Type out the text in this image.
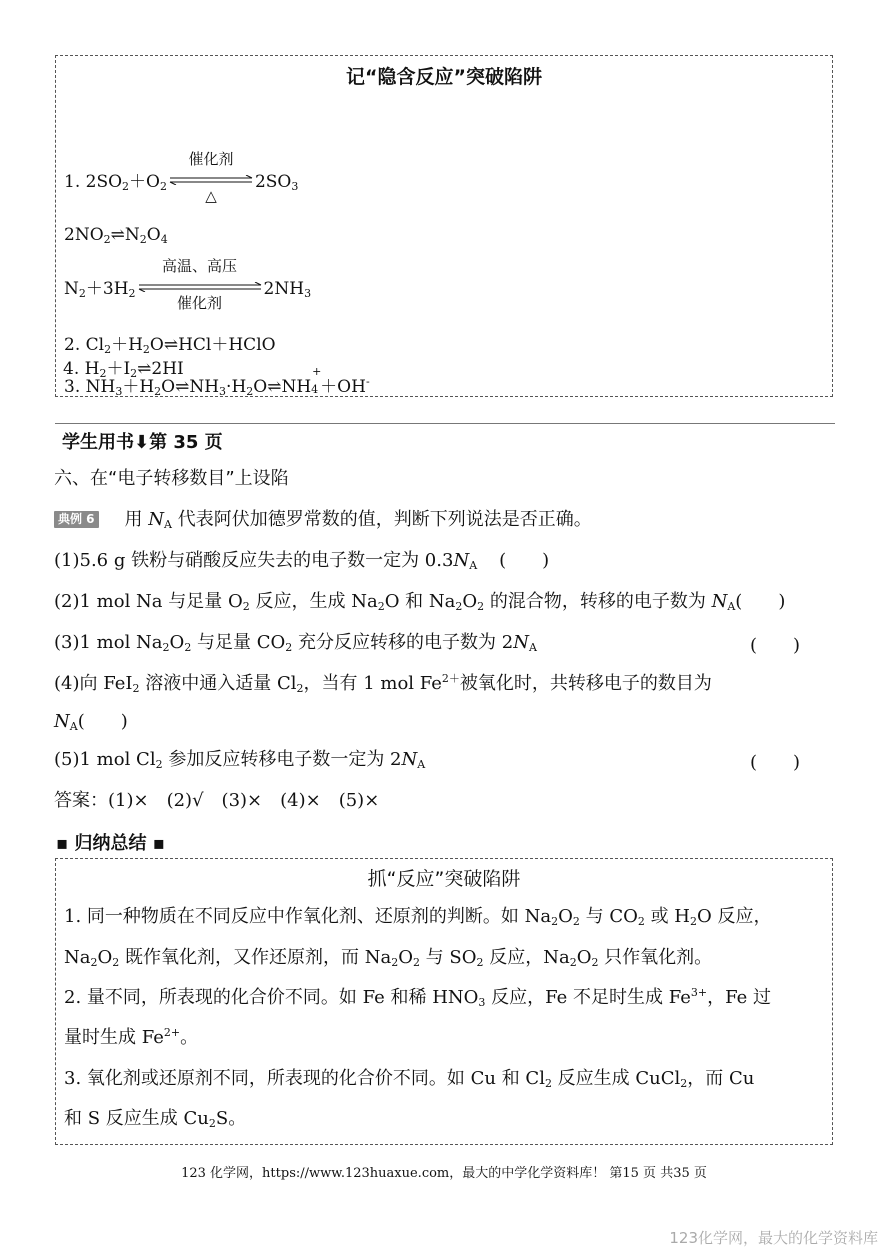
记“隐含反应”突破陷阱
1. $2SO_2+O_2$
催化剂
△
$2SO_3$
$2NO_2\rightleftharpoons N_2O_4$
$N_2+3H_2$
高温、高压
催化剂
$2NH_3$
2. $Cl_2+H_2O\rightleftharpoons HCl+HClO$
3. $NH_3+H_2O\rightleftharpoons NH_3\cdot H_2O\rightleftharpoons NH$
+
4 ＋OH-
4. $H_2+I_2\rightleftharpoons 2HI$
学生用书⬇第 35 页
六、在“电子转移数目”上设陷
典例 6 用 $N_A$ 代表阿伏加德罗常数的值，判断下列说法是否正确。
(1)5.6 g 铁粉与硝酸反应失去的电子数一定为 $0.3N_A$ (　　)
(2)1 mol Na 与足量 $O_2$ 反应，生成 $Na_2O$ 和 $Na_2O_2$ 的混合物，转移的电子数为 $N_A$(　　)
(3)1 mol $Na_2O_2$ 与足量 $CO_2$ 充分反应转移的电子数为 $2N_A$	(　　)
(4)向 FeI$_2$ 溶液中通入适量 $Cl_2$，当有 1 mol $Fe^{2+}$被氧化时，共转移电子的数目为
$N_A$(　　)
(5)1 mol $Cl_2$ 参加反应转移电子数一定为 $2N_A$	(　　)
答案：(1)×　(2)√　(3)×　(4)×　(5)×
▪ 归纳总结 ▪
抓“反应”突破陷阱
1. 同一种物质在不同反应中作氧化剂、还原剂的判断。如 $Na_2O_2$ 与 $CO_2$ 或 $H_2O$ 反应，
$Na_2O_2$ 既作氧化剂，又作还原剂，而 $Na_2O_2$ 与 $SO_2$ 反应，$Na_2O_2$ 只作氧化剂。
2. 量不同，所表现的化合价不同。如 Fe 和稀 $HNO_3$ 反应，Fe 不足时生成 $Fe^{3+}$，Fe 过
量时生成 $Fe^{2+}$。
3. 氧化剂或还原剂不同，所表现的化合价不同。如 Cu 和 $Cl_2$ 反应生成 CuCl$_2$，而 Cu
和 S 反应生成 $Cu_2S$。
123 化学网，https://www.123huaxue.com，最大的中学化学资料库！ 第15 页 共35 页
123化学网，最大的化学资料库
